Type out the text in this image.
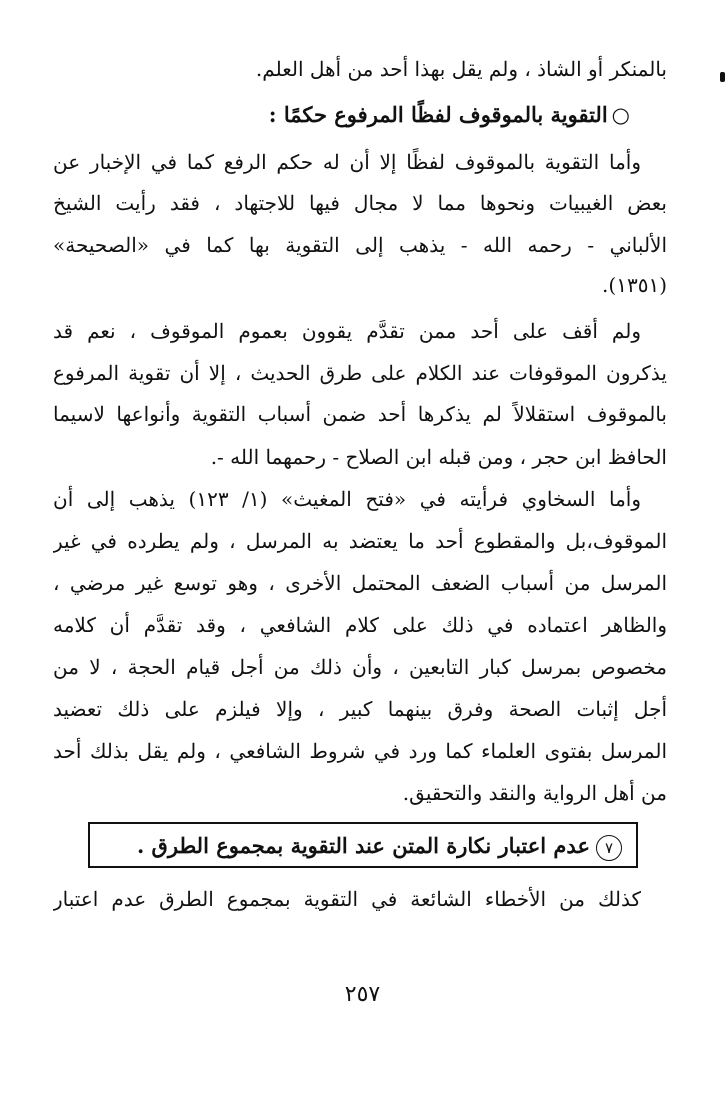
بالمنكر أو الشاذ ، ولم يقل بهذا أحد من أهل العلم.
○التقوية بالموقوف لفظًا المرفوع حكمًا :
وأما التقوية بالموقوف لفظًا إلا أن له حكم الرفع كما في الإخبار عن
بعض الغيبيات ونحوها مما لا مجال فيها للاجتهاد ، فقد رأيت الشيخ
الألباني - رحمه الله - يذهب إلى التقوية بها كما في «الصحيحة»
(١٣٥١).
ولم أقف على أحد ممن تقدَّم يقوون بعموم الموقوف ، نعم قد
يذكرون الموقوفات عند الكلام على طرق الحديث ، إلا أن تقوية المرفوع
بالموقوف استقلالاً لم يذكرها أحد ضمن أسباب التقوية وأنواعها لاسيما
الحافظ ابن حجر ، ومن قبله ابن الصلاح - رحمهما الله -.
وأما السخاوي فرأيته في «فتح المغيث» (١/ ١٢٣) يذهب إلى أن
الموقوف،بل والمقطوع أحد ما يعتضد به المرسل ، ولم يطرده في غير
المرسل من أسباب الضعف المحتمل الأخرى ، وهو توسع غير مرضي ،
والظاهر اعتماده في ذلك على كلام الشافعي ، وقد تقدَّم أن كلامه
مخصوص بمرسل كبار التابعين ، وأن ذلك من أجل قيام الحجة ، لا من
أجل إثبات الصحة وفرق بينهما كبير ، وإلا فيلزم على ذلك تعضيد
المرسل بفتوى العلماء كما ورد في شروط الشافعي ، ولم يقل بذلك أحد
من أهل الرواية والنقد والتحقيق.
٧عدم اعتبار نكارة المتن عند التقوية بمجموع الطرق .
كذلك من الأخطاء الشائعة في التقوية بمجموع الطرق عدم اعتبار
٢٥٧
